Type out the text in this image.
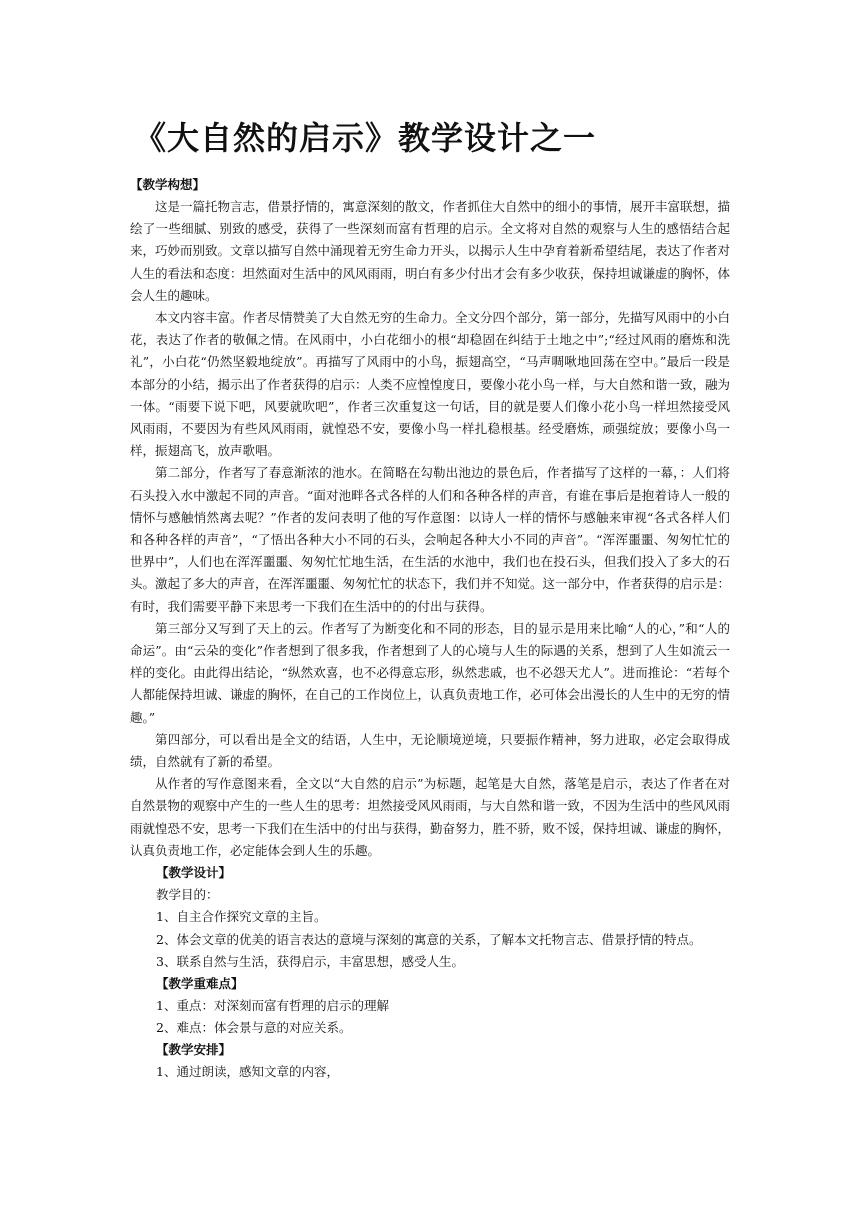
《大自然的启示》教学设计之一
【教学构想】

这是一篇托物言志，借景抒情的，寓意深刻的散文，作者抓住大自然中的细小的事情，展开丰富联想，描绘了一些细腻、别致的感受，获得了一些深刻而富有哲理的启示。全文将对自然的观察与人生的感悟结合起来，巧妙而别致。文章以描写自然中涌现着无穷生命力开头，以揭示人生中孕育着新希望结尾，表达了作者对人生的看法和态度：坦然面对生活中的风风雨雨，明白有多少付出才会有多少收获，保持坦诚谦虚的胸怀，体会人生的趣味。

本文内容丰富。作者尽情赞美了大自然无穷的生命力。全文分四个部分，第一部分，先描写风雨中的小白花，表达了作者的敬佩之情。在风雨中，小白花细小的根“却稳固在纠结于土地之中”;“经过风雨的磨炼和洗礼”，小白花“仍然坚毅地绽放”。再描写了风雨中的小鸟，振翅高空，“马声啁啾地回荡在空中。”最后一段是本部分的小结，揭示出了作者获得的启示：人类不应惶惶度日，要像小花小鸟一样，与大自然和谐一致，融为一体。“雨要下说下吧，风要就吹吧”，作者三次重复这一句话，目的就是要人们像小花小鸟一样坦然接受风风雨雨，不要因为有些风风雨雨，就惶恐不安，要像小鸟一样扎稳根基。经受磨炼，顽强绽放；要像小鸟一样，振翅高飞，放声歌唱。

第二部分，作者写了春意渐浓的池水。在简略在勾勒出池边的景色后，作者描写了这样的一幕，：人们将石头投入水中激起不同的声音。“面对池畔各式各样的人们和各种各样的声音，有谁在事后是抱着诗人一般的情怀与感触悄然离去呢？”作者的发问表明了他的写作意图：以诗人一样的情怀与感触来审视“各式各样人们和各种各样的声音”，“了悟出各种大小不同的石头，会响起各种大小不同的声音”。“浑浑噩噩、匆匆忙忙的世界中”，人们也在浑浑噩噩、匆匆忙忙地生活，在生活的水池中，我们也在投石头，但我们投入了多大的石头。激起了多大的声音，在浑浑噩噩、匆匆忙忙的状态下，我们并不知觉。这一部分中，作者获得的启示是：有时，我们需要平静下来思考一下我们在生活中的的付出与获得。

第三部分又写到了天上的云。作者写了为断变化和不同的形态，目的显示是用来比喻“人的心，”和“人的命运”。由“云朵的变化”作者想到了很多我，作者想到了人的心境与人生的际遇的关系，想到了人生如流云一样的变化。由此得出结论，“纵然欢喜，也不必得意忘形，纵然悲戚，也不必怨天尤人”。进而推论：“若每个人都能保持坦诚、谦虚的胸怀，在自己的工作岗位上，认真负责地工作，必可体会出漫长的人生中的无穷的情趣。”

第四部分，可以看出是全文的结语，人生中，无论顺境逆境，只要振作精神，努力进取，必定会取得成绩，自然就有了新的希望。

从作者的写作意图来看，全文以“大自然的启示”为标题，起笔是大自然，落笔是启示，表达了作者在对自然景物的观察中产生的一些人生的思考：坦然接受风风雨雨，与大自然和谐一致，不因为生活中的些风风雨雨就惶恐不安，思考一下我们在生活中的付出与获得，勤奋努力，胜不骄，败不馁，保持坦诚、谦虚的胸怀，认真负责地工作，必定能体会到人生的乐趣。

【教学设计】

教学目的：

1、自主合作探究文章的主旨。

2、体会文章的优美的语言表达的意境与深刻的寓意的关系，了解本文托物言志、借景抒情的特点。

3、联系自然与生活，获得启示，丰富思想，感受人生。

【教学重难点】

1、重点：对深刻而富有哲理的启示的理解

2、难点：体会景与意的对应关系。

【教学安排】

1、通过朗读，感知文章的内容，
